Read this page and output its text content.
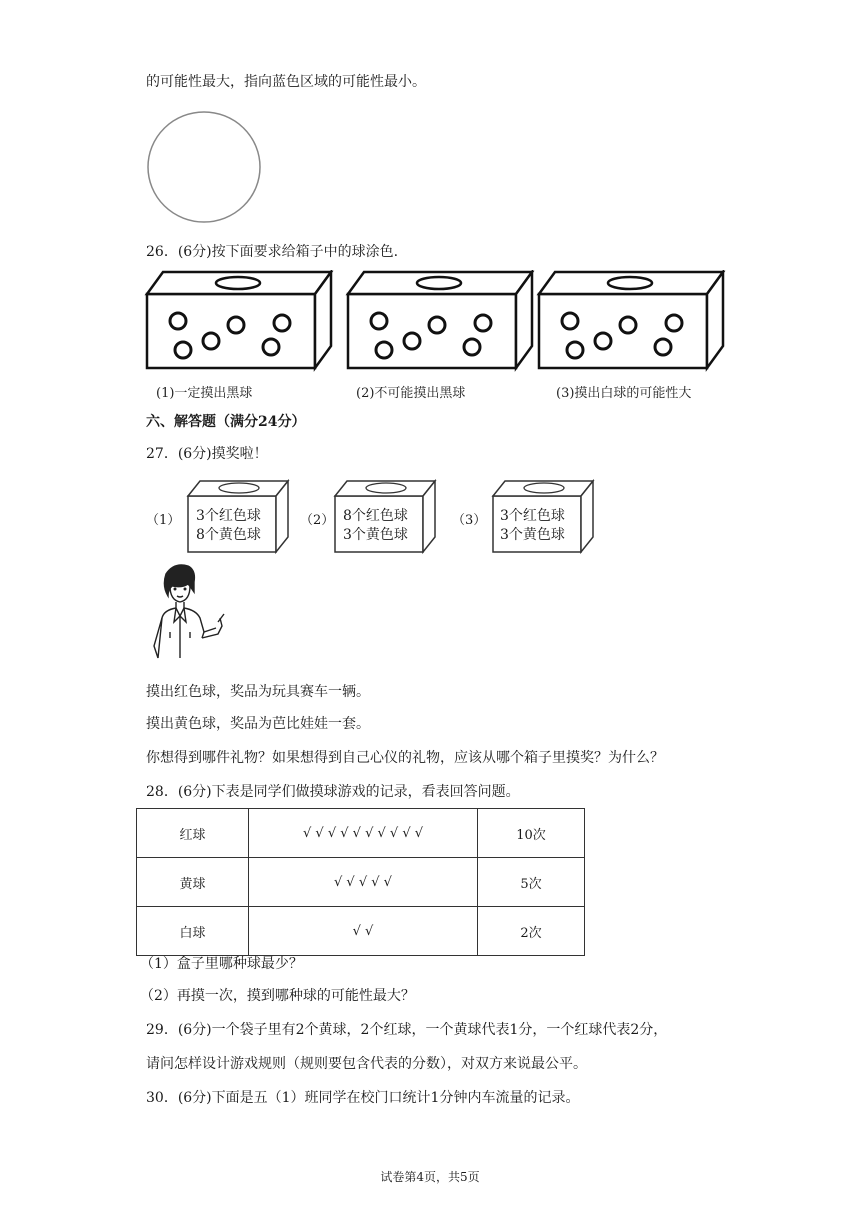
的可能性最大，指向蓝色区域的可能性最小。
26．(6分)按下面要求给箱子中的球涂色.
(1)一定摸出黑球	(2)不可能摸出黑球	(3)摸出白球的可能性大
六、解答题（满分24分）
27．(6分)摸奖啦！
（1）	（2）	（3）
3个红色球
8个黄色球
8个红色球
3个黄色球
3个红色球
3个黄色球
摸出红色球，奖品为玩具赛车一辆。
摸出黄色球，奖品为芭比娃娃一套。
你想得到哪件礼物？如果想得到自己心仪的礼物，应该从哪个箱子里摸奖？为什么？
28．(6分)下表是同学们做摸球游戏的记录，看表回答问题。
红球	√ √ √ √ √ √ √ √ √ √	10次
黄球	√ √ √ √ √	5次
白球	√ √	2次
（1）盒子里哪种球最少？
（2）再摸一次，摸到哪种球的可能性最大？
29．(6分)一个袋子里有2个黄球，2个红球，一个黄球代表1分，一个红球代表2分，
请问怎样设计游戏规则（规则要包含代表的分数），对双方来说最公平。
30．(6分)下面是五（1）班同学在校门口统计1分钟内车流量的记录。
试卷第4页，共5页
